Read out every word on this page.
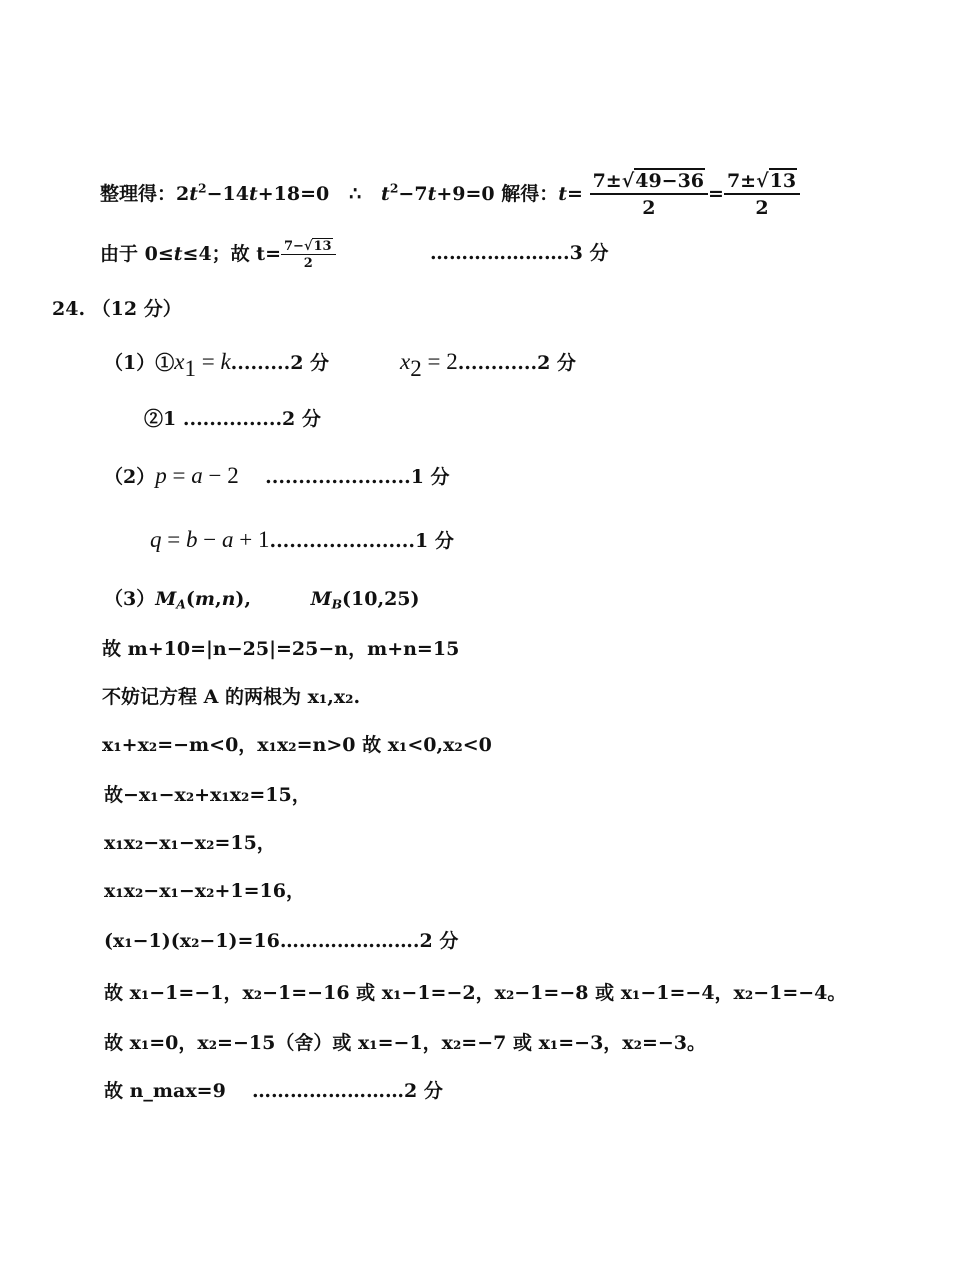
整理得：$2t^2-14t+18=0$   ∴   $t^2-7t+9=0$ 解得：$t= \frac{7\pm√49-36}{2} = \frac{7\pm√13}{2}$
由于 0≤t≤4；故 $t= \frac{7-√13}{2}$	………………….3 分
24. （12 分）
$(1)①x_1 = k.........2$ 分	$x_2 = 2............2$ 分
②1 ...............2 分
（2）p = a − 2 ......................1 分
q = b − a + 1......................1 分
$(3)M_A(m,n)$,         $M_B(10,25)$
故 m+10=|n−25|=25−n，m+n=15
不妨记方程 A 的两根为 x₁,x₂.
x₁+x₂=−m<0，x₁x₂=n>0 故 x₁<0,x₂<0
故−x₁−x₂+x₁x₂=15，
x₁x₂−x₁−x₂=15，
x₁x₂−x₁−x₂+1=16，
(x₁−1)(x₂−1)=16………………….2 分
故 x₁−1=−1，x₂−1=−16 或 x₁−1=−2，x₂−1=−8 或 x₁−1=−4，x₂−1=−4。
故 x₁=0，x₂=−15（舍）或 x₁=−1，x₂=−7 或 x₁=−3，x₂=−3。
故 n_max=9 ……………………2 分
